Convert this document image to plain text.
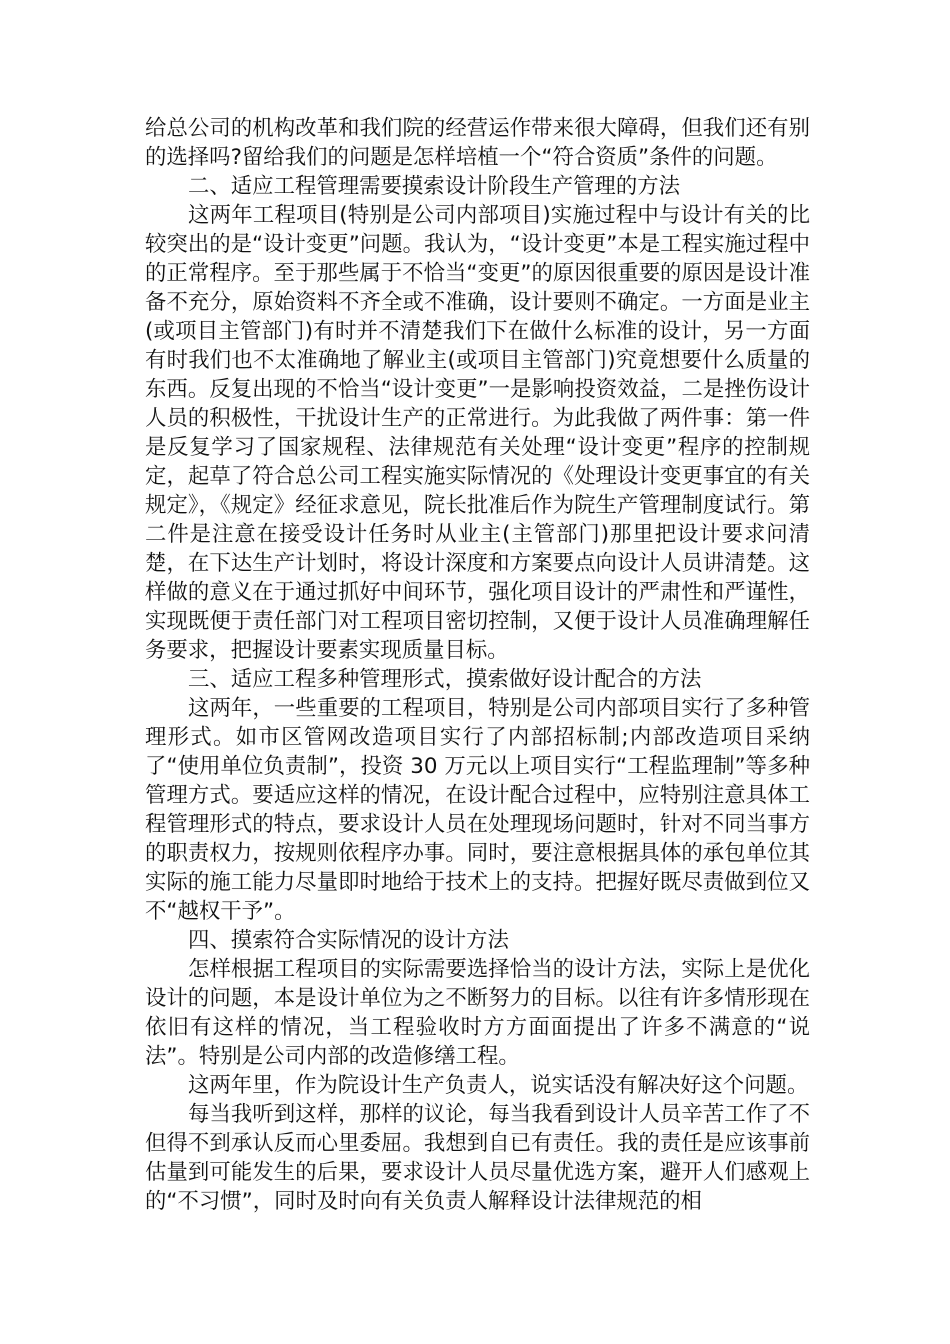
给总公司的机构改革和我们院的经营运作带来很大障碍，但我们还有别的选择吗?留给我们的问题是怎样培植一个“符合资质”条件的问题。

二、适应工程管理需要摸索设计阶段生产管理的方法

这两年工程项目(特别是公司内部项目)实施过程中与设计有关的比较突出的是“设计变更”问题。我认为，“设计变更”本是工程实施过程中的正常程序。至于那些属于不恰当“变更”的原因很重要的原因是设计准备不充分，原始资料不齐全或不准确，设计要则不确定。一方面是业主(或项目主管部门)有时并不清楚我们下在做什么标准的设计，另一方面有时我们也不太准确地了解业主(或项目主管部门)究竟想要什么质量的东西。反复出现的不恰当“设计变更”一是影响投资效益，二是挫伤设计人员的积极性，干扰设计生产的正常进行。为此我做了两件事：第一件是反复学习了国家规程、法律规范有关处理“设计变更”程序的控制规定，起草了符合总公司工程实施实际情况的《处理设计变更事宜的有关规定》，《规定》经征求意见，院长批准后作为院生产管理制度试行。第二件是注意在接受设计任务时从业主(主管部门)那里把设计要求问清楚，在下达生产计划时，将设计深度和方案要点向设计人员讲清楚。这样做的意义在于通过抓好中间环节，强化项目设计的严肃性和严谨性，实现既便于责任部门对工程项目密切控制，又便于设计人员准确理解任务要求，把握设计要素实现质量目标。

三、适应工程多种管理形式，摸索做好设计配合的方法

这两年，一些重要的工程项目，特别是公司内部项目实行了多种管理形式。如市区管网改造项目实行了内部招标制;内部改造项目采纳了“使用单位负责制”，投资 30 万元以上项目实行“工程监理制”等多种管理方式。要适应这样的情况，在设计配合过程中，应特别注意具体工程管理形式的特点，要求设计人员在处理现场问题时，针对不同当事方的职责权力，按规则依程序办事。同时，要注意根据具体的承包单位其实际的施工能力尽量即时地给于技术上的支持。把握好既尽责做到位又不“越权干予”。

四、摸索符合实际情况的设计方法

怎样根据工程项目的实际需要选择恰当的设计方法，实际上是优化设计的问题，本是设计单位为之不断努力的目标。以往有许多情形现在依旧有这样的情况，当工程验收时方方面面提出了许多不满意的“说法”。特别是公司内部的改造修缮工程。

这两年里，作为院设计生产负责人，说实话没有解决好这个问题。

每当我听到这样，那样的议论，每当我看到设计人员辛苦工作了不但得不到承认反而心里委屈。我想到自已有责任。我的责任是应该事前估量到可能发生的后果，要求设计人员尽量优选方案，避开人们感观上的“不习惯”，同时及时向有关负责人解释设计法律规范的相
